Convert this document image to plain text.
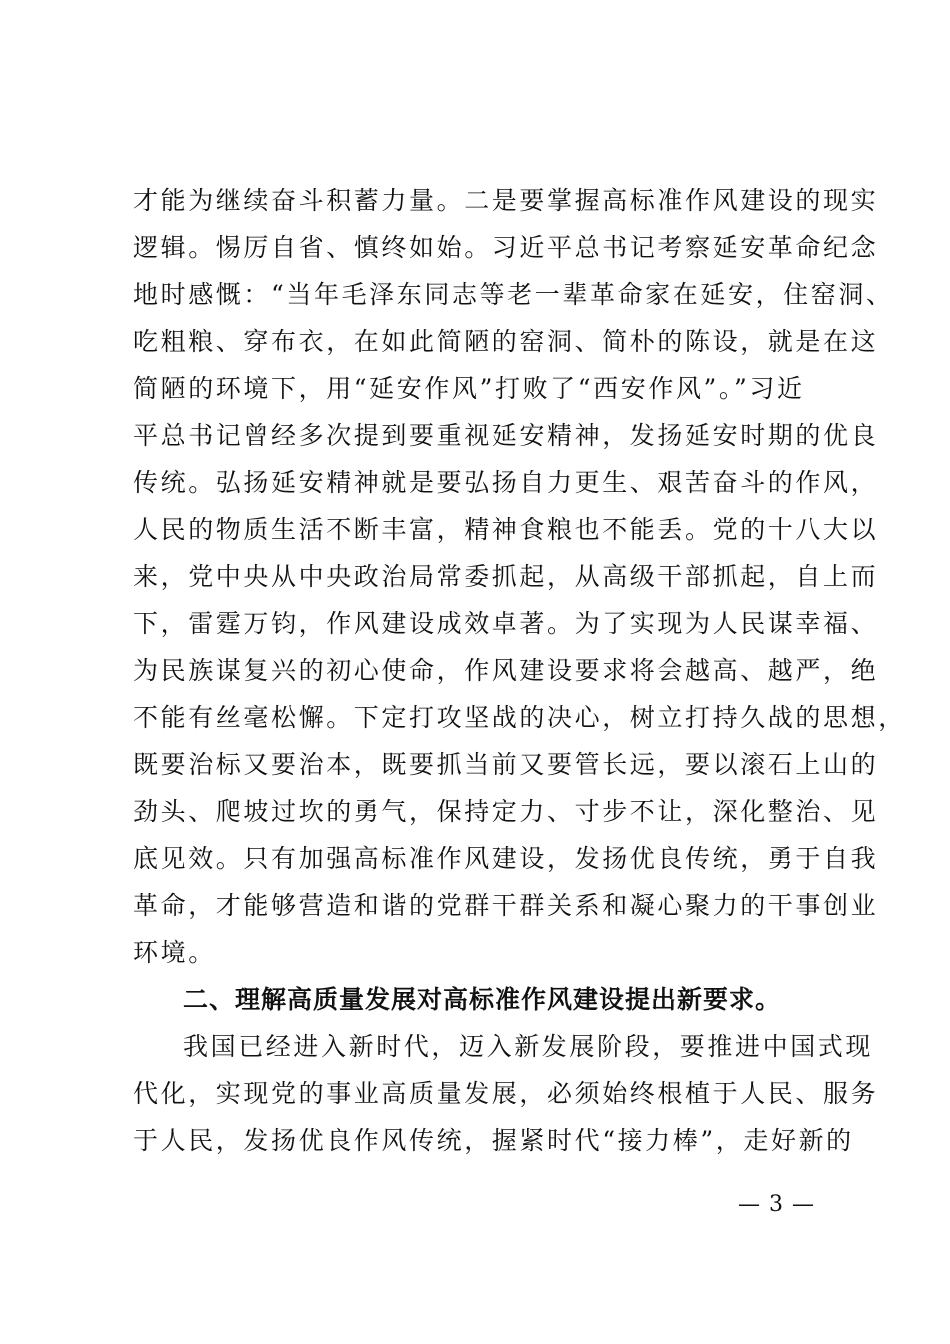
才能为继续奋斗积蓄力量。二是要掌握高标准作风建设的现实
逻辑。惕厉自省、慎终如始。习近平总书记考察延安革命纪念
地时感慨：“当年毛泽东同志等老一辈革命家在延安，住窑洞、
吃粗粮、穿布衣，在如此简陋的窑洞、简朴的陈设，就是在这
简陋的环境下，用“延安作风”打败了“西安作风”。”习近
平总书记曾经多次提到要重视延安精神，发扬延安时期的优良
传统。弘扬延安精神就是要弘扬自力更生、艰苦奋斗的作风，
人民的物质生活不断丰富，精神食粮也不能丢。党的十八大以
来，党中央从中央政治局常委抓起，从高级干部抓起，自上而
下，雷霆万钧，作风建设成效卓著。为了实现为人民谋幸福、
为民族谋复兴的初心使命，作风建设要求将会越高、越严，绝
不能有丝毫松懈。下定打攻坚战的决心，树立打持久战的思想，
既要治标又要治本，既要抓当前又要管长远，要以滚石上山的
劲头、爬坡过坎的勇气，保持定力、寸步不让，深化整治、见
底见效。只有加强高标准作风建设，发扬优良传统，勇于自我
革命，才能够营造和谐的党群干群关系和凝心聚力的干事创业
环境。
二、理解高质量发展对高标准作风建设提出新要求。
我国已经进入新时代，迈入新发展阶段，要推进中国式现
代化，实现党的事业高质量发展，必须始终根植于人民、服务
于人民，发扬优良作风传统，握紧时代“接力棒”，走好新的
— 3 —
